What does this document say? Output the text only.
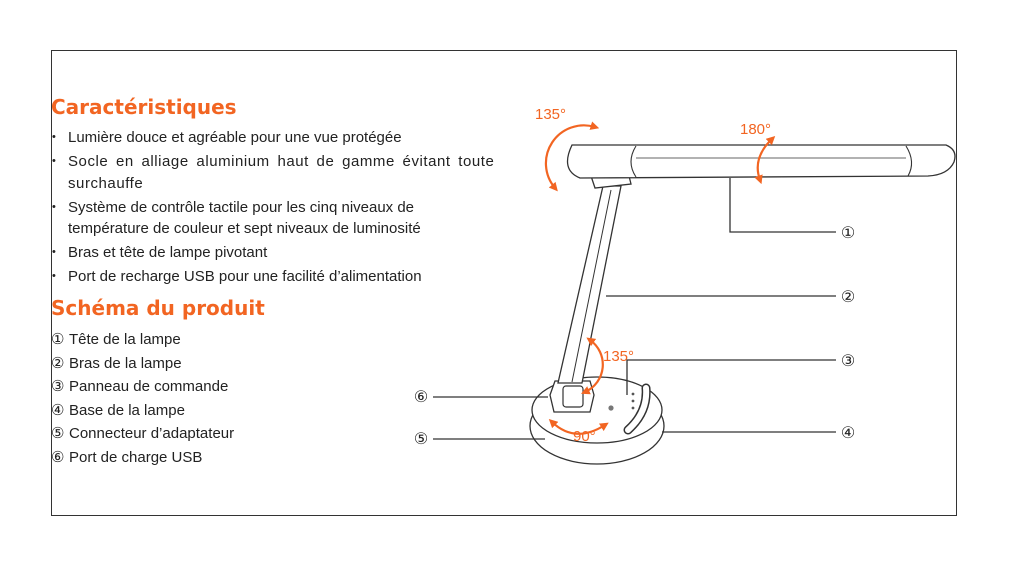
Caractéristiques
• Lumière douce et agréable pour une vue protégée
• Socle en alliage aluminium haut de gamme évitant toute surchauffe
• Système de contrôle tactile pour les cinq niveaux de température de couleur et sept niveaux de luminosité
• Bras et tête de lampe pivotant
• Port de recharge USB pour une facilité d’alimentation
Schéma du produit
① Tête de la lampe
② Bras de la lampe
③ Panneau de commande
④ Base de la lampe
⑤ Connecteur d’adaptateur
⑥ Port de charge USB
①
②
③
④
⑥
⑤
135°
180°
135°
90°
